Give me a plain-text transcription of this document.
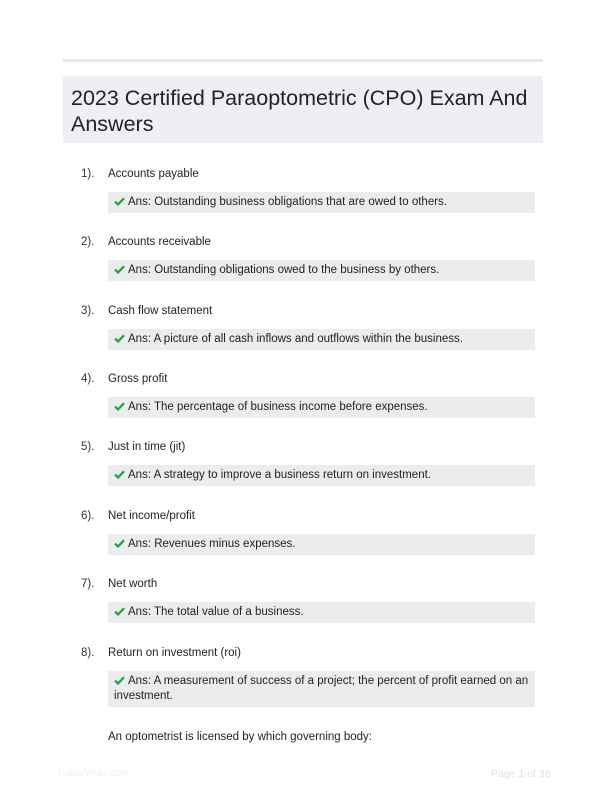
2023 Certified Paraoptometric (CPO) Exam And Answers
1). Accounts payable
Ans: Outstanding business obligations that are owed to others.
2). Accounts receivable
Ans: Outstanding obligations owed to the business by others.
3). Cash flow statement
Ans: A picture of all cash inflows and outflows within the business.
4). Gross profit
Ans: The percentage of business income before expenses.
5). Just in time (jit)
Ans: A strategy to improve a business return on investment.
6). Net income/profit
Ans: Revenues minus expenses.
7). Net worth
Ans: The total value of a business.
8). Return on investment (roi)
Ans: A measurement of success of a project; the percent of profit earned on an investment.
An optometrist is licensed by which governing body:
PaperWhiz.com	Page 1 of 36
